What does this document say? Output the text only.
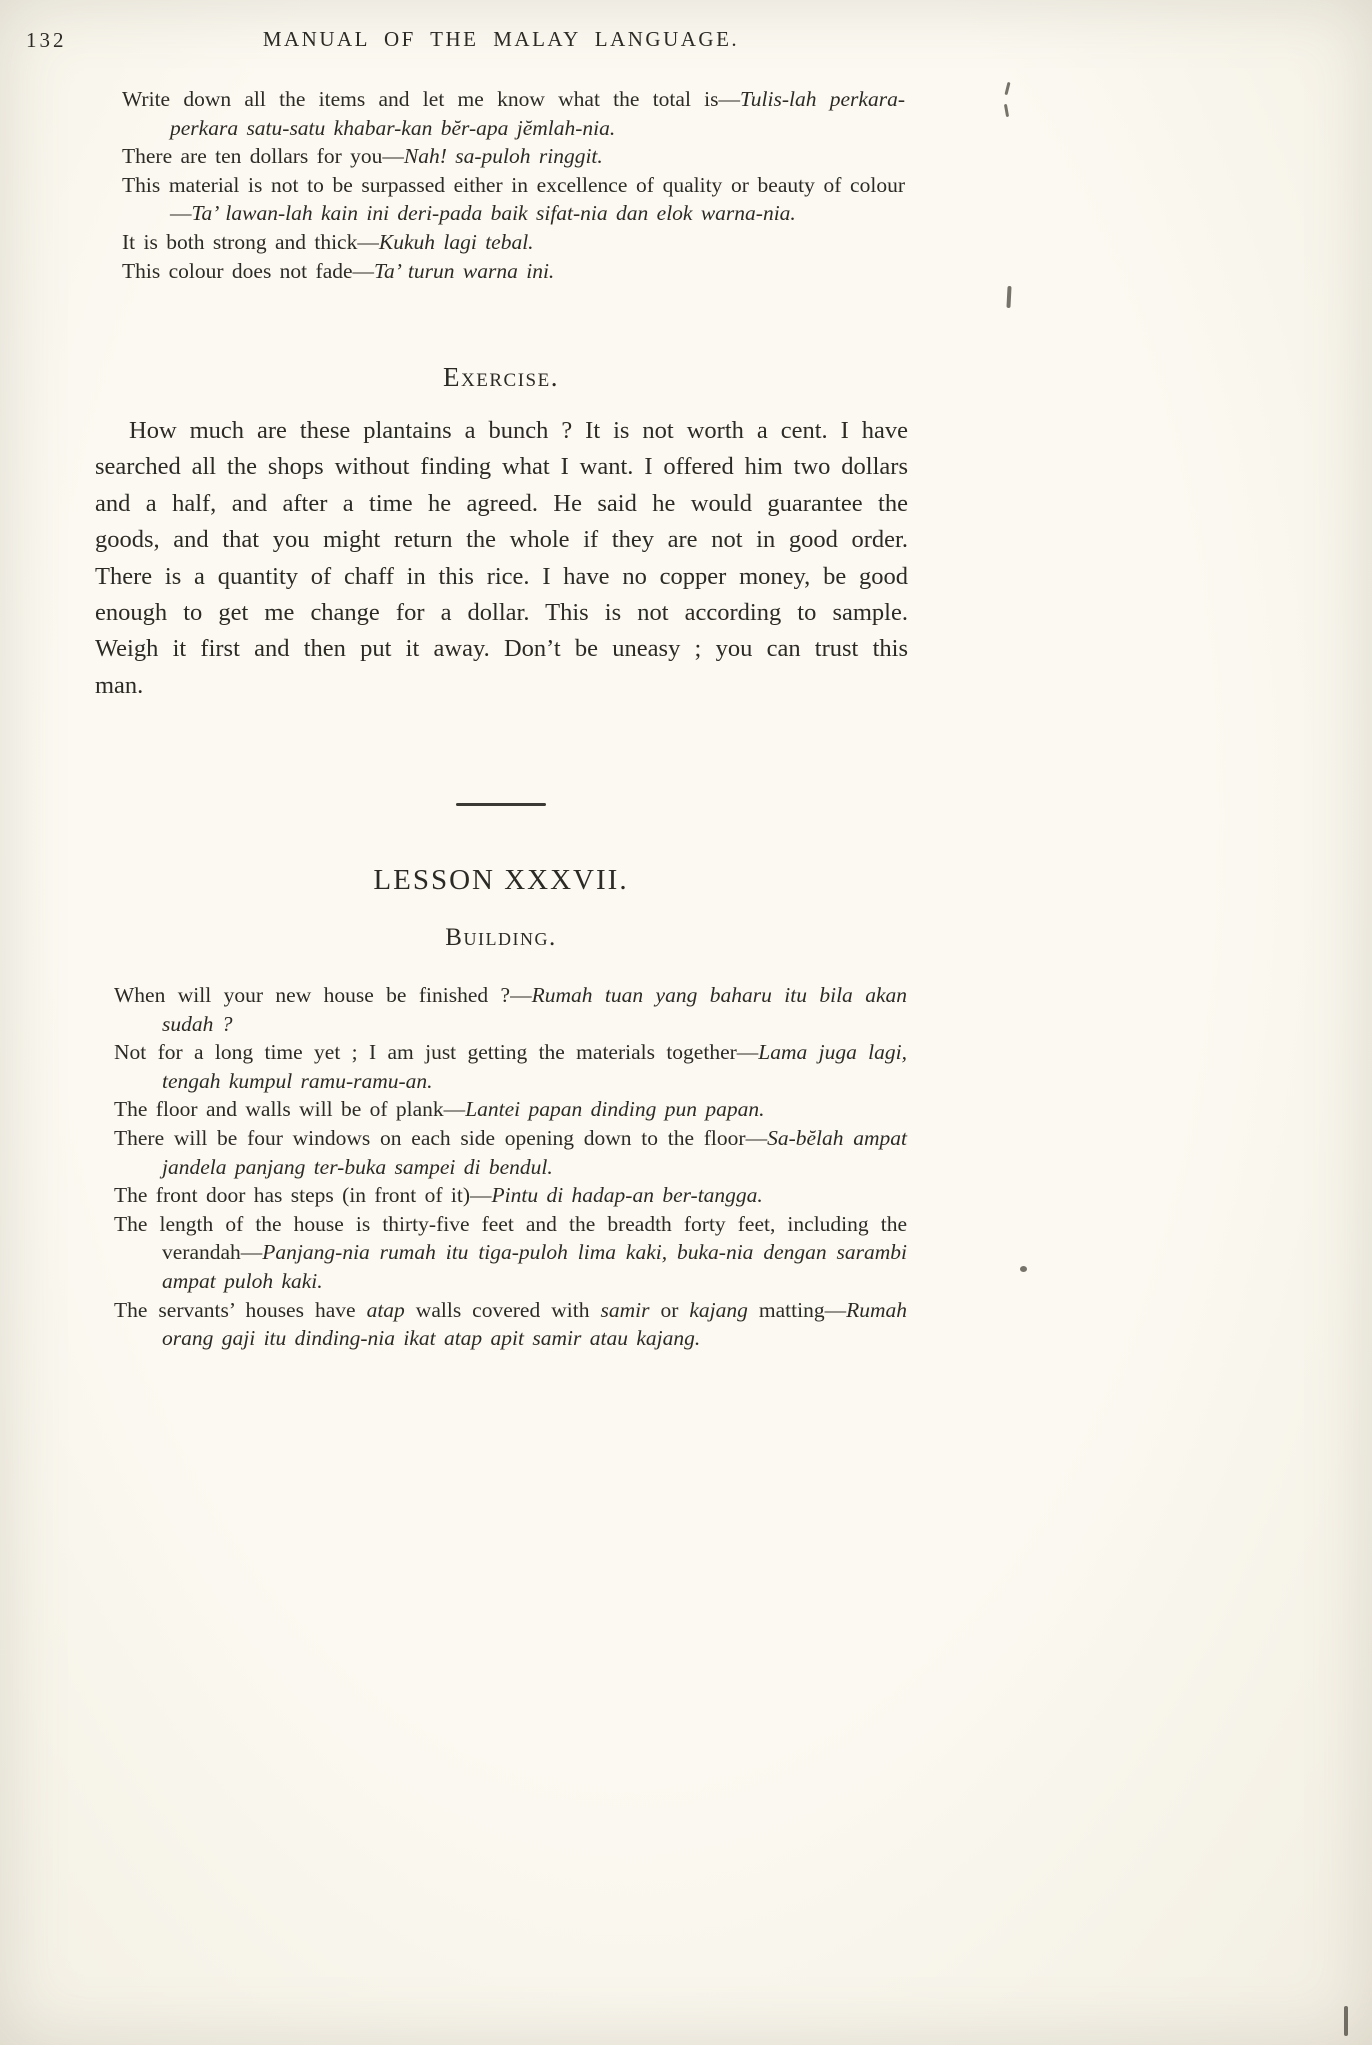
132	MANUAL OF THE MALAY LANGUAGE.
Write down all the items and let me know what the total is—Tulis-lah perkara-perkara satu-satu khabar-kan bĕr-apa jĕmlah-nia.
There are ten dollars for you—Nah! sa-puloh ringgit.
This material is not to be surpassed either in excellence of quality or beauty of colour—Ta’ lawan-lah kain ini deri-pada baik sifat-nia dan elok warna-nia.
It is both strong and thick—Kukuh lagi tebal.
This colour does not fade—Ta’ turun warna ini.
Exercise.

How much are these plantains a bunch ? It is not worth a cent. I have searched all the shops without finding what I want. I offered him two dollars and a half, and after a time he agreed. He said he would guarantee the goods, and that you might return the whole if they are not in good order. There is a quantity of chaff in this rice. I have no copper money, be good enough to get me change for a dollar. This is not according to sample. Weigh it first and then put it away. Don’t be uneasy ; you can trust this man.

LESSON XXXVII.
Building.
When will your new house be finished ?—Rumah tuan yang baharu itu bila akan sudah ?
Not for a long time yet ; I am just getting the materials together—Lama juga lagi, tengah kumpul ramu-ramu-an.
The floor and walls will be of plank—Lantei papan dinding pun papan.
There will be four windows on each side opening down to the floor—Sa-bĕlah ampat jandela panjang ter-buka sampei di bendul.
The front door has steps (in front of it)—Pintu di hadap-an ber-tangga.
The length of the house is thirty-five feet and the breadth forty feet, including the verandah—Panjang-nia rumah itu tiga-puloh lima kaki, buka-nia dengan sarambi ampat puloh kaki.
The servants’ houses have atap walls covered with samir or kajang matting—Rumah orang gaji itu dinding-nia ikat atap apit samir atau kajang.
